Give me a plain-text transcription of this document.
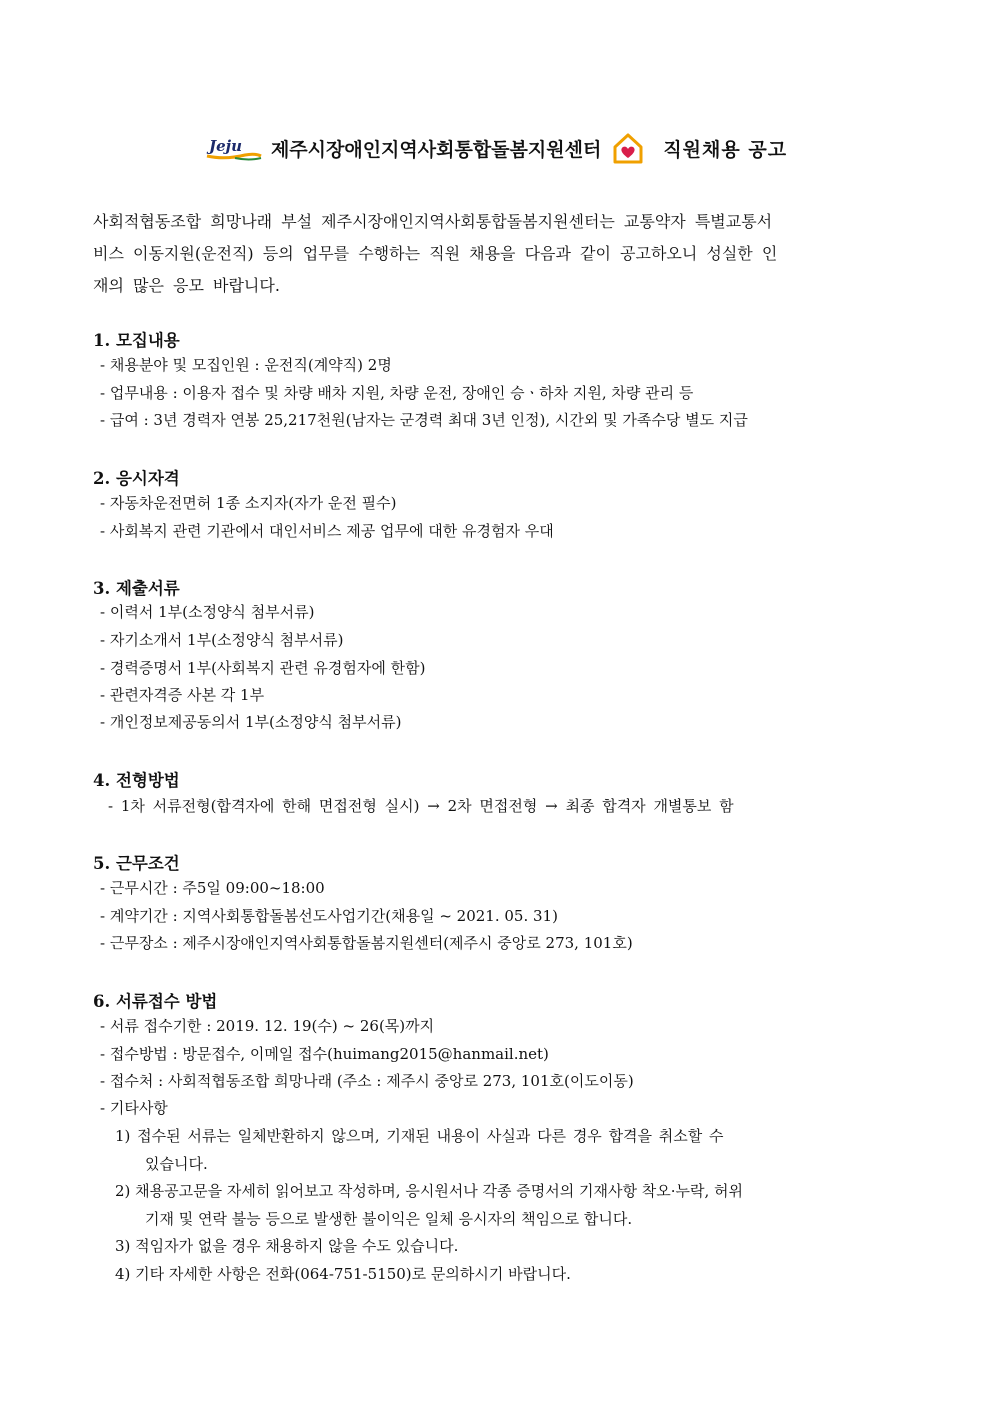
Jeju 제주시장애인지역사회통합돌봄지원센터	직원채용 공고
사회적협동조합 희망나래 부설 제주시장애인지역사회통합돌봄지원센터는 교통약자 특별교통서
비스 이동지원(운전직) 등의 업무를 수행하는 직원 채용을 다음과 같이 공고하오니 성실한 인
재의 많은 응모 바랍니다.
1. 모집내용
- 채용분야 및 모집인원 : 운전직(계약직) 2명
- 업무내용 : 이용자 접수 및 차량 배차 지원, 차량 운전, 장애인 승ㆍ하차 지원, 차량 관리 등
- 급여 : 3년 경력자 연봉 25,217천원(남자는 군경력 최대 3년 인정), 시간외 및 가족수당 별도 지급
2. 응시자격
- 자동차운전면허 1종 소지자(자가 운전 필수)
- 사회복지 관련 기관에서 대인서비스 제공 업무에 대한 유경험자 우대
3. 제출서류
- 이력서 1부(소정양식 첨부서류)
- 자기소개서 1부(소정양식 첨부서류)
- 경력증명서 1부(사회복지 관련 유경험자에 한함)
- 관련자격증 사본 각 1부
- 개인정보제공동의서 1부(소정양식 첨부서류)
4. 전형방법
- 1차 서류전형(합격자에 한해 면접전형 실시) → 2차 면접전형 → 최종 합격자 개별통보 함
5. 근무조건
- 근무시간 : 주5일 09:00~18:00
- 계약기간 : 지역사회통합돌봄선도사업기간(채용일 ~ 2021. 05. 31)
- 근무장소 : 제주시장애인지역사회통합돌봄지원센터(제주시 중앙로 273, 101호)
6. 서류접수 방법
- 서류 접수기한 : 2019. 12. 19(수) ~ 26(목)까지
- 접수방법 : 방문접수, 이메일 접수(huimang2015@hanmail.net)
- 접수처 : 사회적협동조합 희망나래 (주소 : 제주시 중앙로 273, 101호(이도이동)
- 기타사항
1) 접수된 서류는 일체반환하지 않으며, 기재된 내용이 사실과 다른 경우 합격을 취소할 수
있습니다.
2) 채용공고문을 자세히 읽어보고 작성하며, 응시원서나 각종 증명서의 기재사항 착오·누락, 허위
기재 및 연락 불능 등으로 발생한 불이익은 일체 응시자의 책임으로 합니다.
3) 적임자가 없을 경우 채용하지 않을 수도 있습니다.
4) 기타 자세한 사항은 전화(064-751-5150)로 문의하시기 바랍니다.
